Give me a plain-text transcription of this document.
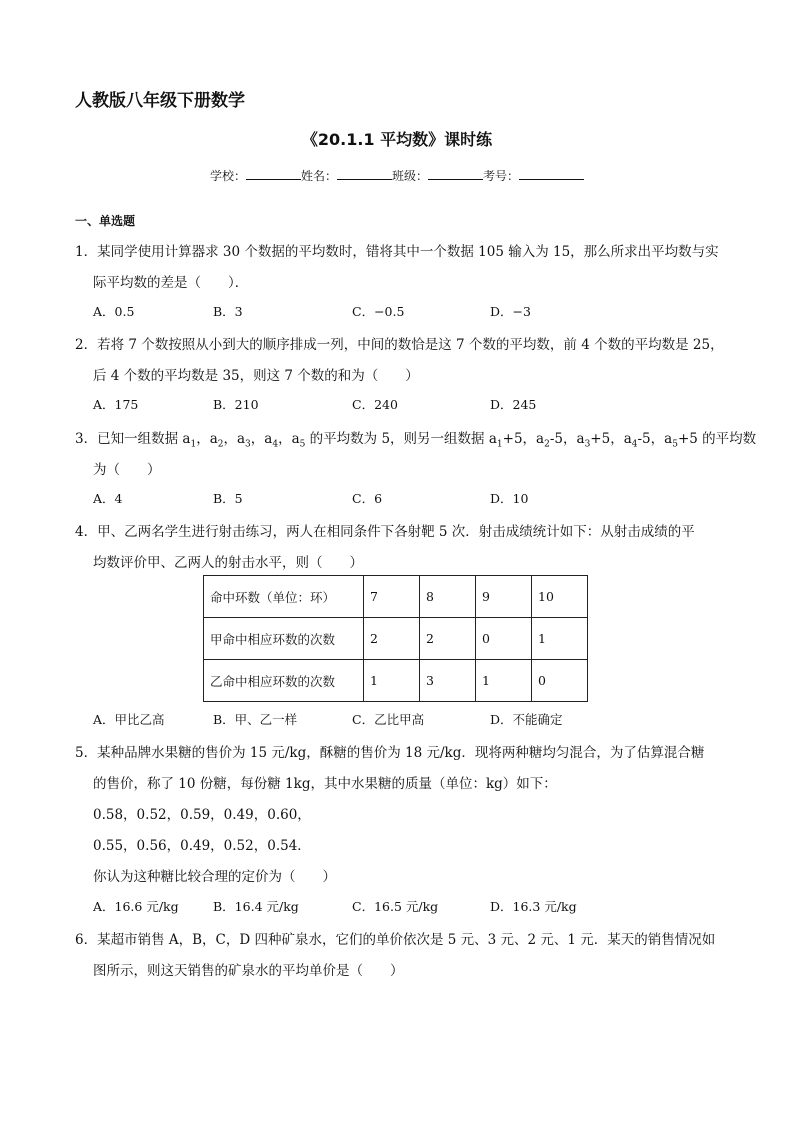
人教版八年级下册数学
《20.1.1 平均数》课时练
学校：	姓名：	班级：	考号：
一、单选题
1．某同学使用计算器求 30 个数据的平均数时，错将其中一个数据 105 输入为 15，那么所求出平均数与实
际平均数的差是（　　）．
A．0.5	B．3	C．−0.5	D．−3
2．若将 7 个数按照从小到大的顺序排成一列，中间的数恰是这 7 个数的平均数，前 4 个数的平均数是 25，
后 4 个数的平均数是 35，则这 7 个数的和为（　　）
A．175	B．210	C．240	D．245
3．已知一组数据 $a_1$，$a_2$，$a_3$，$a_4$，$a_5$ 的平均数为 5，则另一组数据 $a_1+5$，$a_2-5$，$a_3+5$，$a_4-5$，$a_5+5$ 的平均数
为（　　）
A．4	B．5	C．6	D．10
4．甲、乙两名学生进行射击练习，两人在相同条件下各射靶 5 次．射击成绩统计如下：从射击成绩的平
均数评价甲、乙两人的射击水平，则（　　）
命中环数（单位：环）	7	8	9	10
甲命中相应环数的次数	2	2	0	1
乙命中相应环数的次数	1	3	1	0
A．甲比乙高	B．甲、乙一样	C．乙比甲高	D．不能确定
5．某种品牌水果糖的售价为 15 元/kg，酥糖的售价为 18 元/kg．现将两种糖均匀混合，为了估算混合糖
的售价，称了 10 份糖，每份糖 1kg，其中水果糖的质量（单位：kg）如下：
0.58，0.52，0.59，0.49，0.60，
0.55，0.56，0.49，0.52，0.54．
你认为这种糖比较合理的定价为（　　）
A．16.6 元/kg	B．16.4 元/kg	C．16.5 元/kg	D．16.3 元/kg
6．某超市销售 A，B，C，D 四种矿泉水，它们的单价依次是 5 元、3 元、2 元、1 元．某天的销售情况如
图所示，则这天销售的矿泉水的平均单价是（　　）
